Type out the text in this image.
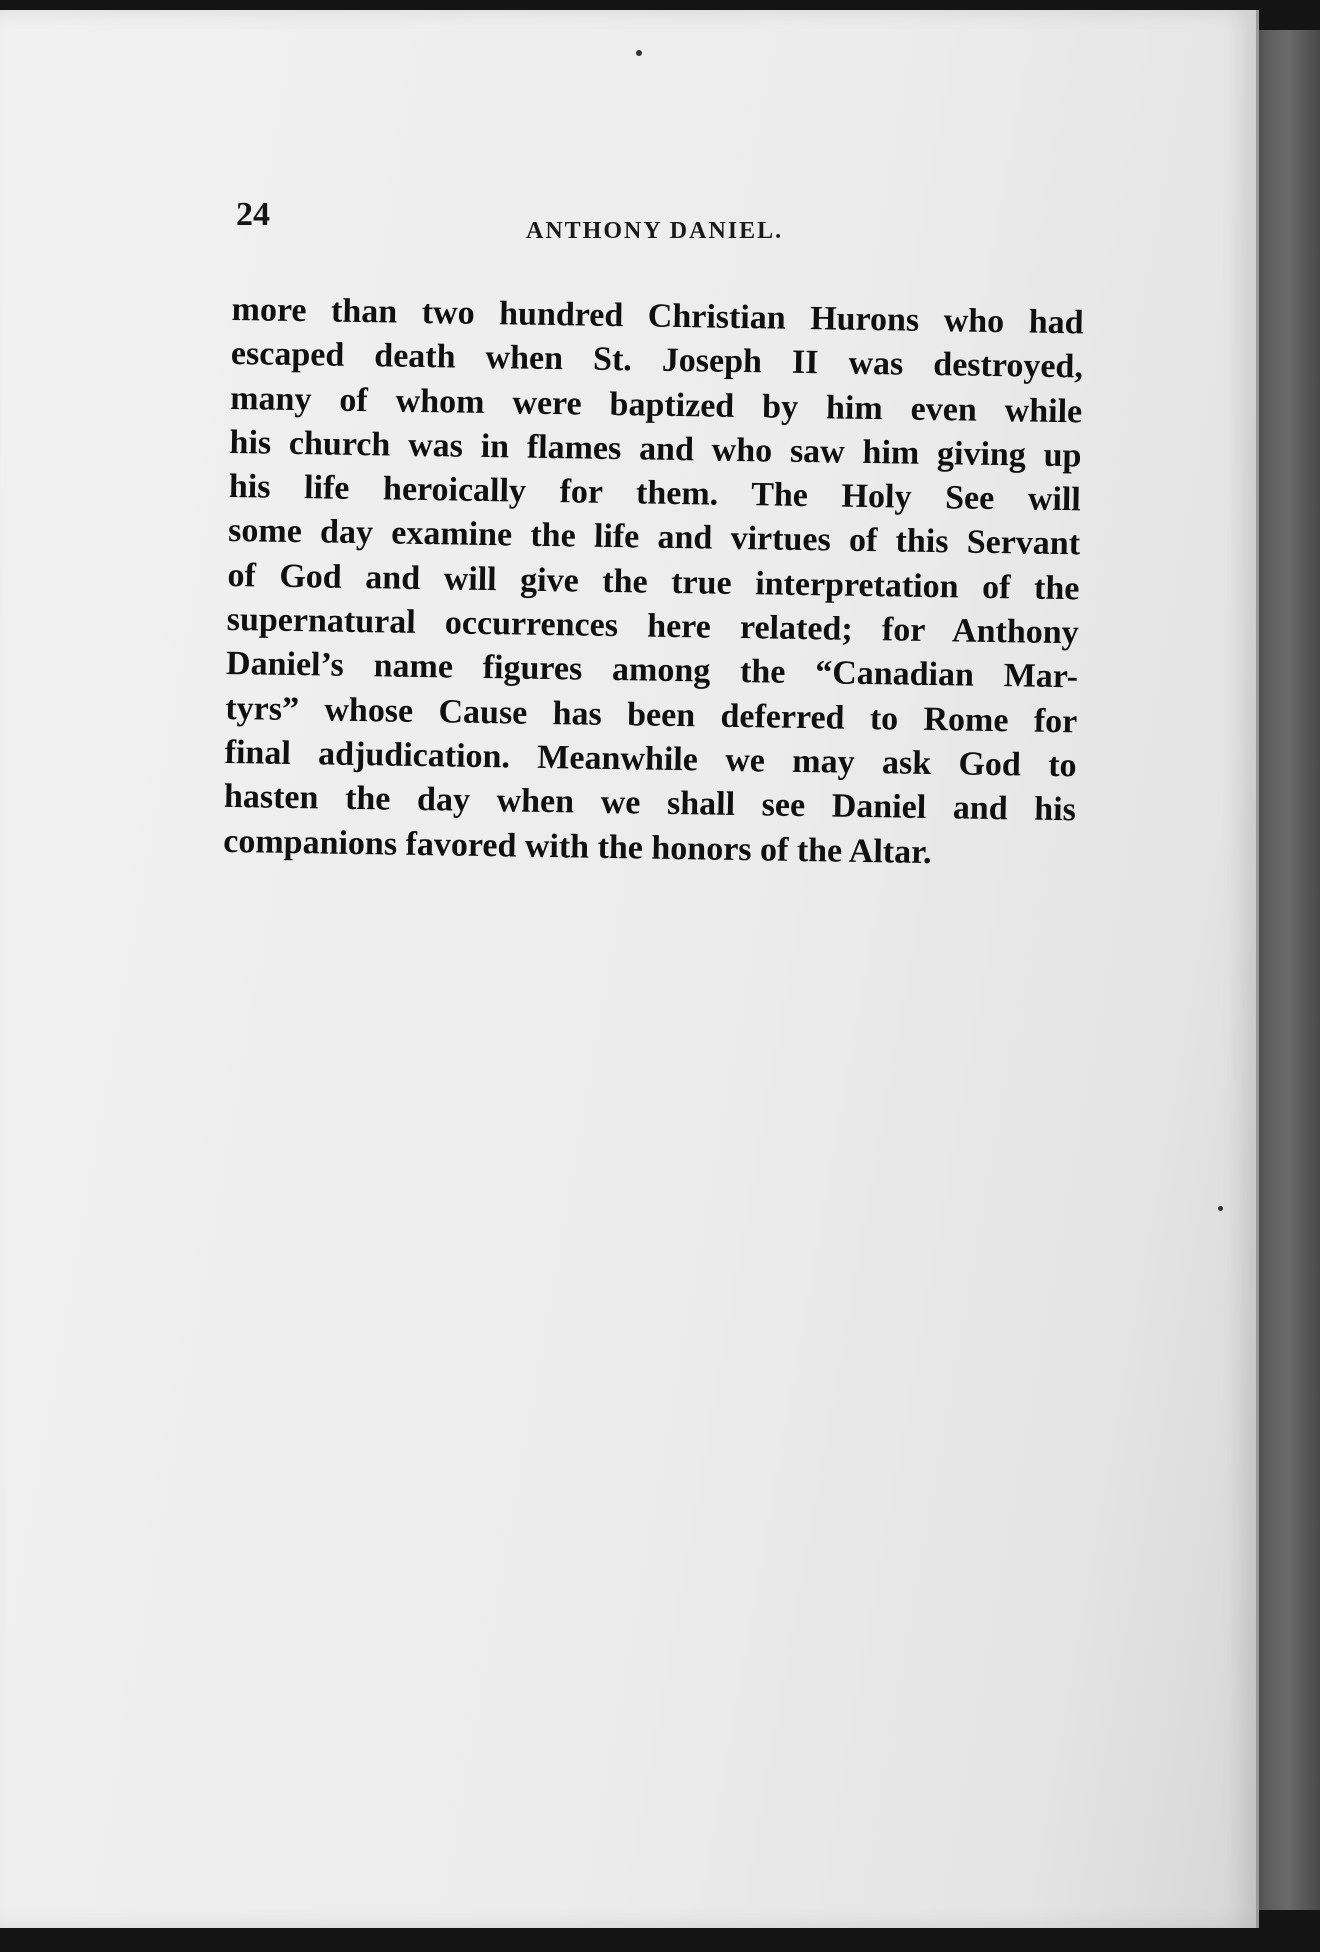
24	ANTHONY DANIEL.
more than two hundred Christian Hurons who had
escaped death when St. Joseph II was destroyed,
many of whom were baptized by him even while
his church was in flames and who saw him giving up
his life heroically for them. The Holy See will
some day examine the life and virtues of this Servant
of God and will give the true interpretation of the
supernatural occurrences here related; for Anthony
Daniel’s name figures among the “Canadian Mar-
tyrs” whose Cause has been deferred to Rome for
final adjudication. Meanwhile we may ask God to
hasten the day when we shall see Daniel and his
companions favored with the honors of the Altar.
